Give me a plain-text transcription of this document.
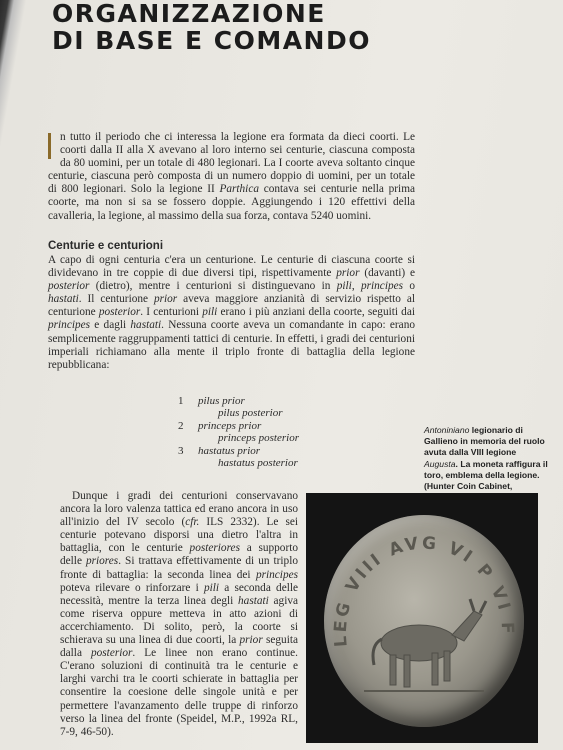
ORGANIZZAZIONE
DI BASE E COMANDO
n tutto il periodo che ci interessa la legione era formata da dieci coorti. Le coorti dalla II alla X avevano al loro interno sei centurie, ciascuna composta da 80 uomini, per un totale di 480 legionari. La I coorte aveva soltanto cinque centurie, ciascuna però composta di un numero doppio di uomini, per un totale di 800 legionari. Solo la legione II Parthica contava sei centurie nella prima coorte, ma non si sa se fossero doppie. Aggiungendo i 120 effettivi della cavalleria, la legione, al massimo della sua forza, contava 5240 uomini.
Centurie e centurioni
A capo di ogni centuria c'era un centurione. Le centurie di ciascuna coorte si dividevano in tre coppie di due diversi tipi, rispettivamente prior (davanti) e posterior (dietro), mentre i centurioni si distinguevano in pili, principes o hastati. Il centurione prior aveva maggiore anzianità di servizio rispetto al centurione posterior. I centurioni pili erano i più anziani della coorte, seguiti dai principes e dagli hastati. Nessuna coorte aveva un comandante in capo: erano semplicemente raggruppamenti tattici di centurie. In effetti, i gradi dei centurioni imperiali richiamano alla mente il triplo fronte di battaglia della legione repubblicana:
1 pilus prior
pilus posterior
2 princeps prior
princeps posterior
3 hastatus prior
hastatus posterior
Antoniniano legionario di Gallieno in memoria del ruolo avuta dalla VIII legione Augusta. La moneta raffigura il toro, emblema della legione. (Hunter Coin Cabinet,
Dunque i gradi dei centurioni conservavano ancora la loro valenza tattica ed erano ancora in uso all'inizio del IV secolo (cfr. ILS 2332). Le sei centurie potevano disporsi una dietro l'altra in battaglia, con le centurie posteriores a supporto delle priores. Si trattava effettivamente di un triplo fronte di battaglia: la seconda linea dei principes poteva rilevare o rinforzare i pili a seconda delle necessità, mentre la terza linea degli hastati agiva come riserva oppure metteva in atto azioni di accerchiamento. Di solito, però, la coorte si schierava su una linea di due coorti, la prior seguita dalla posterior. Le linee non erano continue. C'erano soluzioni di continuità tra le centurie e larghi varchi tra le coorti schierate in battaglia per consentire la coesione delle singole unità e per permettere l'avanzamento delle truppe di rinforzo verso la linea del fronte (Speidel, M.P., 1992a RL, 7-9, 46-50).
LEG VIII AVG VI P VI F
